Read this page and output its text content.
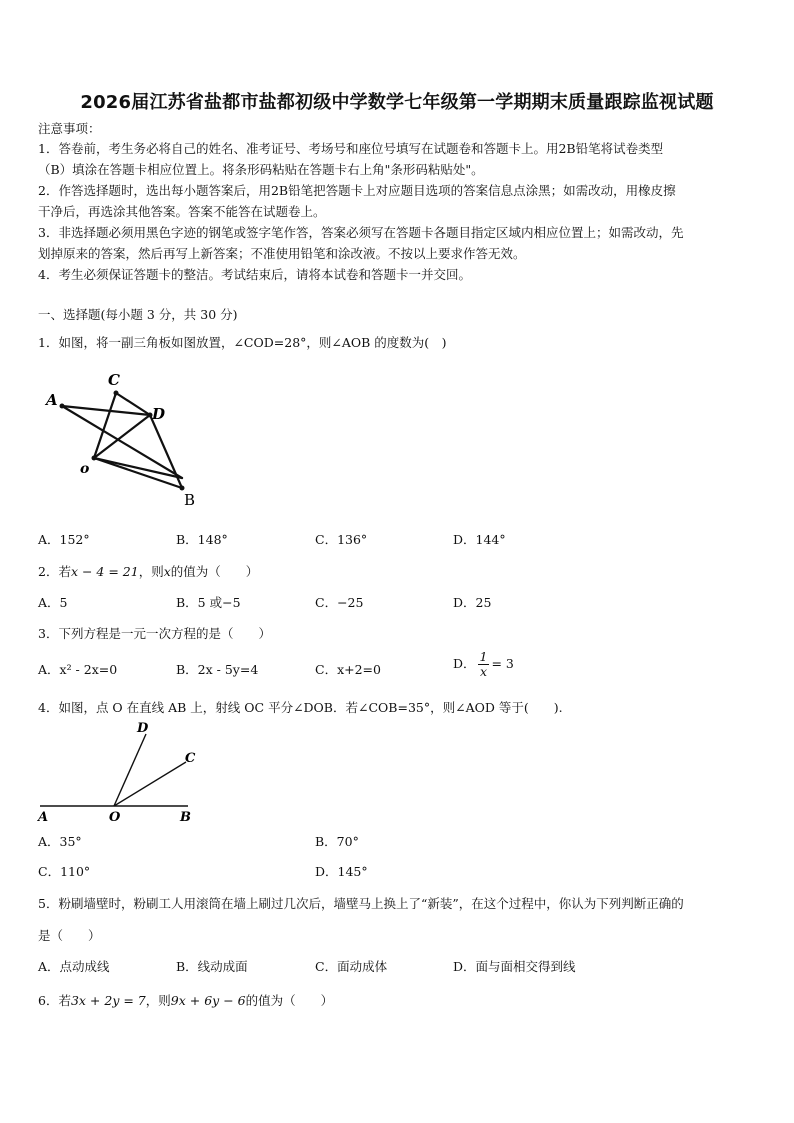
2026届江苏省盐都市盐都初级中学数学七年级第一学期期末质量跟踪监视试题
注意事项：
1．答卷前，考生务必将自己的姓名、准考证号、考场号和座位号填写在试题卷和答题卡上。用2B铅笔将试卷类型
（B）填涂在答题卡相应位置上。将条形码粘贴在答题卡右上角"条形码粘贴处"。
2．作答选择题时，选出每小题答案后，用2B铅笔把答题卡上对应题目选项的答案信息点涂黑；如需改动，用橡皮擦
干净后，再选涂其他答案。答案不能答在试题卷上。
3．非选择题必须用黑色字迹的钢笔或签字笔作答，答案必须写在答题卡各题目指定区域内相应位置上；如需改动，先
划掉原来的答案，然后再写上新答案；不准使用铅笔和涂改液。不按以上要求作答无效。
4．考生必须保证答题卡的整洁。考试结束后，请将本试卷和答题卡一并交回。
一、选择题(每小题 3 分，共 30 分)
1．如图，将一副三角板如图放置，∠COD=28°，则∠AOB 的度数为(　)
A
C
D
o
B
A．152°	B．148°	C．136°	D．144°
2．若x − 4 = 21，则x的值为（　　）
A．5	B．5 或−5	C．−25	D．25
3．下列方程是一元一次方程的是（　　）
A．x² - 2x=0	B．2x - 5y=4	C．x+2=0	D． $\frac{1}{x} = 3$
4．如图，点 O 在直线 AB 上，射线 OC 平分∠DOB．若∠COB=35°，则∠AOD 等于(　　).
A	O	B
C
D
A．35°	B．70°
C．110°	D．145°
5．粉刷墙壁时，粉刷工人用滚筒在墙上刷过几次后，墙壁马上换上了“新装”，在这个过程中，你认为下列判断正确的
是（　　）
A．点动成线	B．线动成面	C．面动成体	D．面与面相交得到线
6．若3x + 2y = 7，则9x + 6y − 6的值为（　　）
